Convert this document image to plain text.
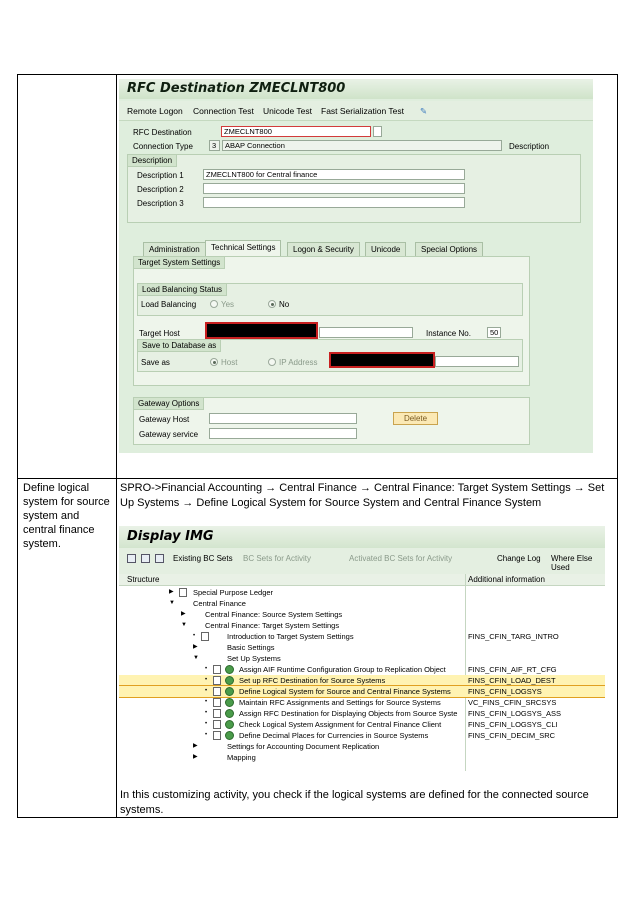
RFC Destination ZMECLNT800
Remote Logon Connection Test Unicode Test Fast Serialization Test ✎
RFC Destination	ZMECLNT800
Connection Type	3	ABAP Connection	Description
Description
Description 1	ZMECLNT800 for Central finance
Description 2
Description 3
Administration	Technical Settings	Logon & Security	Unicode	Special Options
Target System Settings
Load Balancing Status
Load Balancing	Yes	No
Target Host	Instance No.	50
Save to Database as
Save as	Host	IP Address
Gateway Options
Gateway Host	Delete
Gateway service
Define logical system for source system and central finance system.
SPRO->Financial Accounting → Central Finance → Central Finance: Target System Settings → Set Up Systems → Define Logical System for Source System and Central Finance System
Display IMG
Existing BC Sets BC Sets for Activity	Activated BC Sets for Activity	Change Log Where Else Used
Structure	Additional information
▶	Special Purpose Ledger
▼ Central Finance
▶	Central Finance: Source System Settings
▼ Central Finance: Target System Settings
•	Introduction to Target System Settings	FINS_CFIN_TARG_INTRO
▶	Basic Settings
▼	Set Up Systems
•	Assign AIF Runtime Configuration Group to Replication Object	FINS_CFIN_AIF_RT_CFG
•	Set up RFC Destination for Source Systems	FINS_CFIN_LOAD_DEST
•	Define Logical System for Source and Central Finance Systems FINS_CFIN_LOGSYS
•	Maintain RFC Assignments and Settings for Source Systems	VC_FINS_CFIN_SRCSYS
•	Assign RFC Destination for Displaying Objects from Source Syste	FINS_CFIN_LOGSYS_ASS
•	Check Logical System Assignment for Central Finance Client	FINS_CFIN_LOGSYS_CLI
•	Define Decimal Places for Currencies in Source Systems	FINS_CFIN_DECIM_SRC
▶	Settings for Accounting Document Replication
▶	Mapping
In this customizing activity, you check if the logical systems are defined for the connected source systems.
